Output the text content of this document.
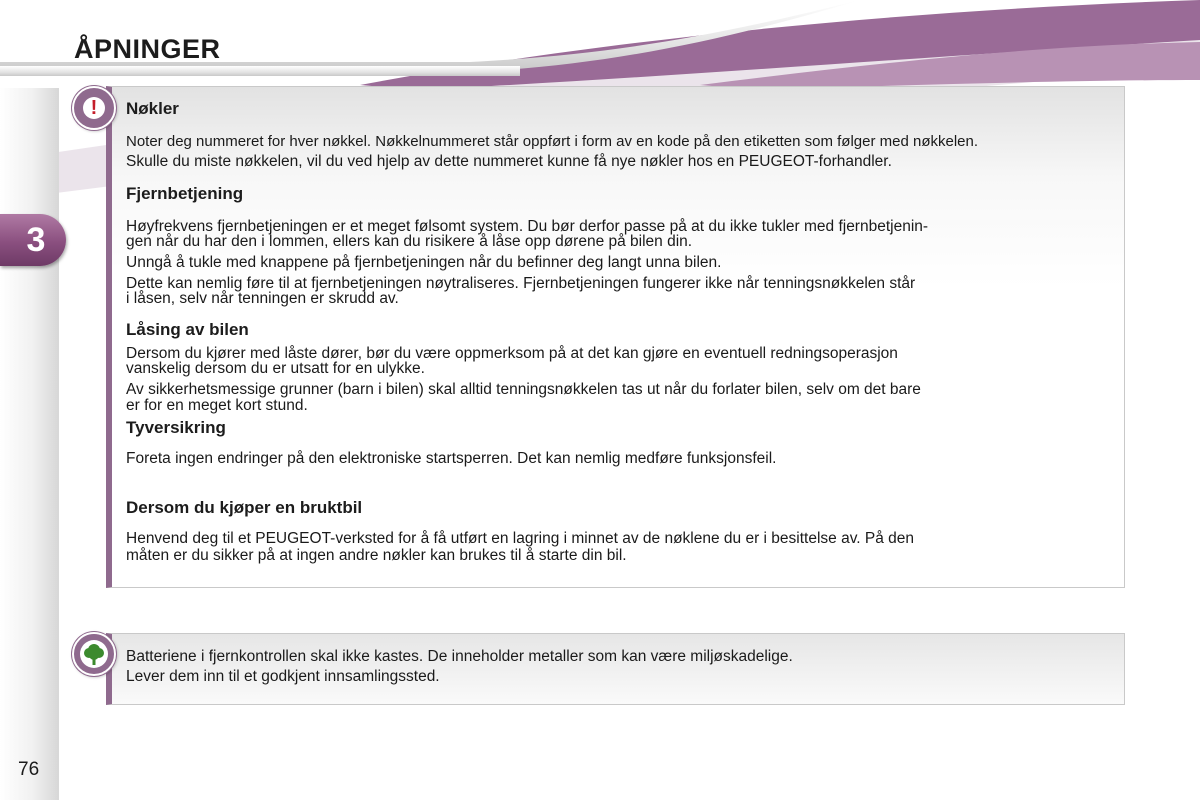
ÅPNINGER
3
76
!	Nøkler

Noter deg nummeret for hver nøkkel. Nøkkelnummeret står oppført i form av en kode på den etiketten som følger med nøkkelen.

Skulle du miste nøkkelen, vil du ved hjelp av dette nummeret kunne få nye nøkler hos en PEUGEOT-forhandler.

Fjernbetjening

Høyfrekvens fjernbetjeningen er et meget følsomt system. Du bør derfor passe på at du ikke tukler med fjernbetjenin-

gen når du har den i lommen, ellers kan du risikere å låse opp dørene på bilen din.

Unngå å tukle med knappene på fjernbetjeningen når du befinner deg langt unna bilen.

Dette kan nemlig føre til at fjernbetjeningen nøytraliseres. Fjernbetjeningen fungerer ikke når tenningsnøkkelen står

i låsen, selv når tenningen er skrudd av.

Låsing av bilen

Dersom du kjører med låste dører, bør du være oppmerksom på at det kan gjøre en eventuell redningsoperasjon

vanskelig dersom du er utsatt for en ulykke.

Av sikkerhetsmessige grunner (barn i bilen) skal alltid tenningsnøkkelen tas ut når du forlater bilen, selv om det bare

er for en meget kort stund.

Tyversikring

Foreta ingen endringer på den elektroniske startsperren. Det kan nemlig medføre funksjonsfeil.

Dersom du kjøper en bruktbil

Henvend deg til et PEUGEOT-verksted for å få utført en lagring i minnet av de nøklene du er i besittelse av. På den

måten er du sikker på at ingen andre nøkler kan brukes til å starte din bil.

Batteriene i fjernkontrollen skal ikke kastes. De inneholder metaller som kan være miljøskadelige.

Lever dem inn til et godkjent innsamlingssted.
